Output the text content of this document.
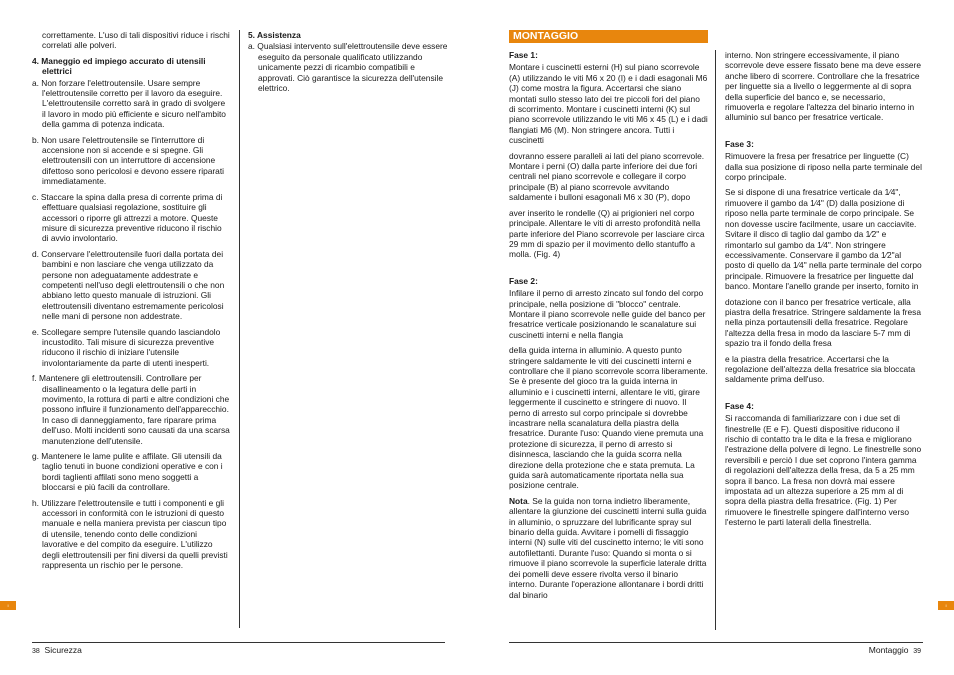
correttamente. L'uso di tali dispositivi riduce i rischi correlati alle polveri.

4. Maneggio ed impiego accurato di utensili elettrici
a. Non forzare l'elettroutensile. Usare sempre l'elettroutensile corretto per il lavoro da eseguire. L'elettroutensile corretto sarà in grado di svolgere il lavoro in modo più efficiente e sicuro nell'ambito della gamma di potenza indicata.
b. Non usare l'elettroutensile se l'interruttore di accensione non si accende e si spegne. Gli elettroutensili con un interruttore di accensione difettoso sono pericolosi e devono essere riparati immediatamente.
c. Staccare la spina dalla presa di corrente prima di effettuare qualsiasi regolazione, sostituire gli accessori o riporre gli attrezzi a motore. Queste misure di sicurezza preventive riducono il rischio di avvio involontario.
d. Conservare l'elettroutensile fuori dalla portata dei bambini e non lasciare che venga utilizzato da persone non adeguatamente addestrate e competenti nell'uso degli elettroutensili o che non abbiano letto questo manuale di istruzioni. Gli elettroutensili diventano estremamente pericolosi nelle mani di persone non addestrate.
e. Scollegare sempre l'utensile quando lasciandolo incustodito. Tali misure di sicurezza preventive riducono il rischio di iniziare l'utensile involontariamente da parte di utenti inesperti.
f. Mantenere gli elettroutensili. Controllare per disallineamento o la legatura delle parti in movimento, la rottura di parti e altre condizioni che possono influire il funzionamento dell'apparecchio. In caso di danneggiamento, fare riparare prima dell'uso. Molti incidenti sono causati da una scarsa manutenzione dell'utensile.
g. Mantenere le lame pulite e affilate. Gli utensili da taglio tenuti in buone condizioni operative e con i bordi taglienti affilati sono meno soggetti a bloccarsi e più facili da controllare.
h. Utilizzare l'elettroutensile e tutti i componenti e gli accessori in conformità con le istruzioni di questo manuale e nella maniera prevista per ciascun tipo di utensile, tenendo conto delle condizioni lavorative e del compito da eseguire. L'utilizzo degli elettroutensili per fini diversi da quelli previsti rappresenta un rischio per le persone.
5. Assistenza
a. Qualsiasi intervento sull'elettroutensile deve essere eseguito da personale qualificato utilizzando unicamente pezzi di ricambio compatibili e approvati. Ciò garantisce la sicurezza dell'utensile elettrico.
I
38 Sicurezza
MONTAGGIO
Fase 1:

Montare i cuscinetti esterni (H) sul piano scorrevole (A) utilizzando le viti M6 x 20 (I) e i dadi esagonali M6 (J) come mostra la figura. Accertarsi che siano montati sullo stesso lato dei tre piccoli fori del piano di scorrimento. Montare i cuscinetti interni (K) sul piano scorrevole utilizzando le viti M6 x 45 (L) e i dadi flangiati M6 (M). Non stringere ancora. Tutti i cuscinetti

dovranno essere paralleli ai lati del piano scorrevole. Montare i perni (O) dalla parte inferiore dei due fori centrali nel piano scorrevole e collegare il corpo principale (B) al piano scorrevole avvitando saldamente i bulloni esagonali M6 x 30 (P), dopo

aver inserito le rondelle (Q) ai prigionieri nel corpo principale. Allentare le viti di arresto profondità nella parte inferiore del Piano scorrevole per lasciare circa 29 mm di spazio per il movimento dello stantuffo a molla. (Fig. 4)

Fase 2:

Infilare il perno di arresto zincato sul fondo del corpo principale, nella posizione di "blocco" centrale. Montare il piano scorrevole nelle guide del banco per fresatrice verticale posizionando le scanalature sui cuscinetti interni e nella flangia

della guida interna in alluminio. A questo punto stringere saldamente le viti dei cuscinetti interni e controllare che il piano scorrevole scorra liberamente. Se è presente del gioco tra la guida interna in alluminio e i cuscinetti interni, allentare le viti, girare leggermente il cuscinetto e stringere di nuovo. Il perno di arresto sul corpo principale si dovrebbe incastrare nella scanalatura della piastra della fresatrice. Durante l'uso: Quando viene premuta una protezione di sicurezza, il perno di arresto si disinnesca, lasciando che la guida scorra nella direzione della protezione che e stata premuta. La guida sarà automaticamente riportata nella sua posizione centrale.

Nota. Se la guida non torna indietro liberamente, allentare la giunzione dei cuscinetti interni sulla guida in alluminio, o spruzzare del lubrificante spray sul binario della guida. Avvitare i pomelli di fissaggio interni (N) sulle viti del cuscinetto interno; le viti sono autofilettanti. Durante l'uso: Quando si monta o si rimuove il piano scorrevole la superficie laterale dritta dei pomelli deve essere rivolta verso il binario interno. Durante l'operazione allontanare i bordi dritti dal binario

interno. Non stringere eccessivamente, il piano scorrevole deve essere fissato bene ma deve essere anche libero di scorrere. Controllare che la fresatrice per linguette sia a livello o leggermente al di sopra della superficie del banco e, se necessario, rimuoverla e regolare l'altezza del binario interno in alluminio sul banco per fresatrice verticale.

Fase 3:

Rimuovere la fresa per fresatrice per linguette (C) dalla sua posizione di riposo nella parte terminale del corpo principale.

Se si dispone di una fresatrice verticale da 1⁄4", rimuovere il gambo da 1⁄4" (D) dalla posizione di riposo nella parte terminale de corpo principale. Se non dovesse uscire facilmente, usare un cacciavite. Svitare il disco di taglio dal gambo da 1⁄2" e rimontarlo sul gambo da 1⁄4". Non stringere eccessivamente. Conservare il gambo da 1⁄2"al posto di quello da 1⁄4" nella parte terminale del corpo principale. Rimuovere la fresatrice per linguette dal banco. Montare l'anello grande per inserto, fornito in

dotazione con il banco per fresatrice verticale, alla piastra della fresatrice. Stringere saldamente la fresa nella pinza portautensili della fresatrice. Regolare l'altezza della fresa in modo da lasciare 5-7 mm di spazio tra il fondo della fresa

e la piastra della fresatrice. Accertarsi che la regolazione dell'altezza della fresatrice sia bloccata saldamente prima dell'uso.

Fase 4:

Si raccomanda di familiarizzare con i due set di finestrelle (E e F). Questi dispositive riducono il rischio di contatto tra le dita e la fresa e migliorano l'estrazione della polvere di legno. Le finestrelle sono reversibili e perciò I due set coprono l'intera gamma di regolazioni dell'altezza della fresa, da 5 a 25 mm sopra il banco. La fresa non dovrà mai essere impostata ad un altezza superiore a 25 mm al di sopra della piastra della fresatrice. (Fig. 1) Per rimuovere le finestrelle spingere dall'interno verso l'esterno le parti laterali della finestrella.

I
Montaggio 39
